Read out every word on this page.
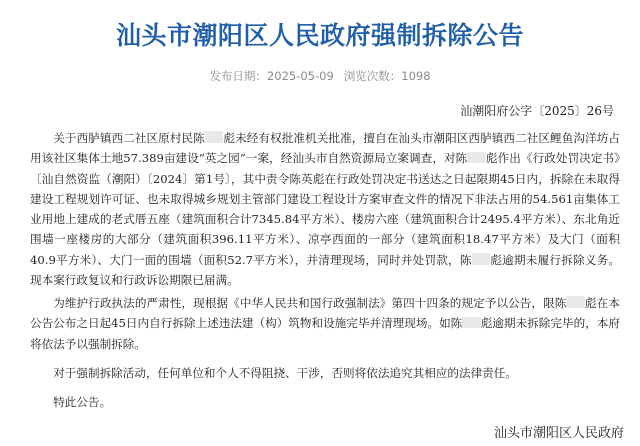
汕头市潮阳区人民政府强制拆除公告
发布日期：2025-05-09 浏览次数：1098
汕潮阳府公字〔2025〕26号

关于西胪镇西二社区原村民陈 彪未经有权批准机关批准，擅自在汕头市潮阳区西胪镇西二社区鲤鱼沟洋坊占用该社区集体土地57.389亩建设“英之园”一案，经汕头市自然资源局立案调查，对陈 彪作出《行政处罚决定书》〔汕自然资监（潮阳）〔2024〕第1号〕，其中责令陈英彪在行政处罚决定书送达之日起限期45日内，拆除在未取得建设工程规划许可证、也未取得城乡规划主管部门建设工程设计方案审查文件的情况下非法占用的54.561亩集体工业用地上建成的老式厝五座（建筑面积合计7345.84平方米）、楼房六座（建筑面积合计2495.4平方米）、东北角近围墙一座楼房的大部分（建筑面积396.11平方米）、凉亭西面的一部分（建筑面积18.47平方米）及大门（面积40.9平方米）、大门一面的围墙（面积52.7平方米），并清理现场，同时并处罚款，陈 彪逾期未履行拆除义务。现本案行政复议和行政诉讼期限已届满。

为维护行政执法的严肃性，现根据《中华人民共和国行政强制法》第四十四条的规定予以公告，限陈 彪在本公告公布之日起45日内自行拆除上述违法建（构）筑物和设施完毕并清理现场。如陈 彪逾期未拆除完毕的，本府将依法予以强制拆除。

对于强制拆除活动，任何单位和个人不得阻挠、干涉，否则将依法追究其相应的法律责任。

特此公告。

汕头市潮阳区人民政府
